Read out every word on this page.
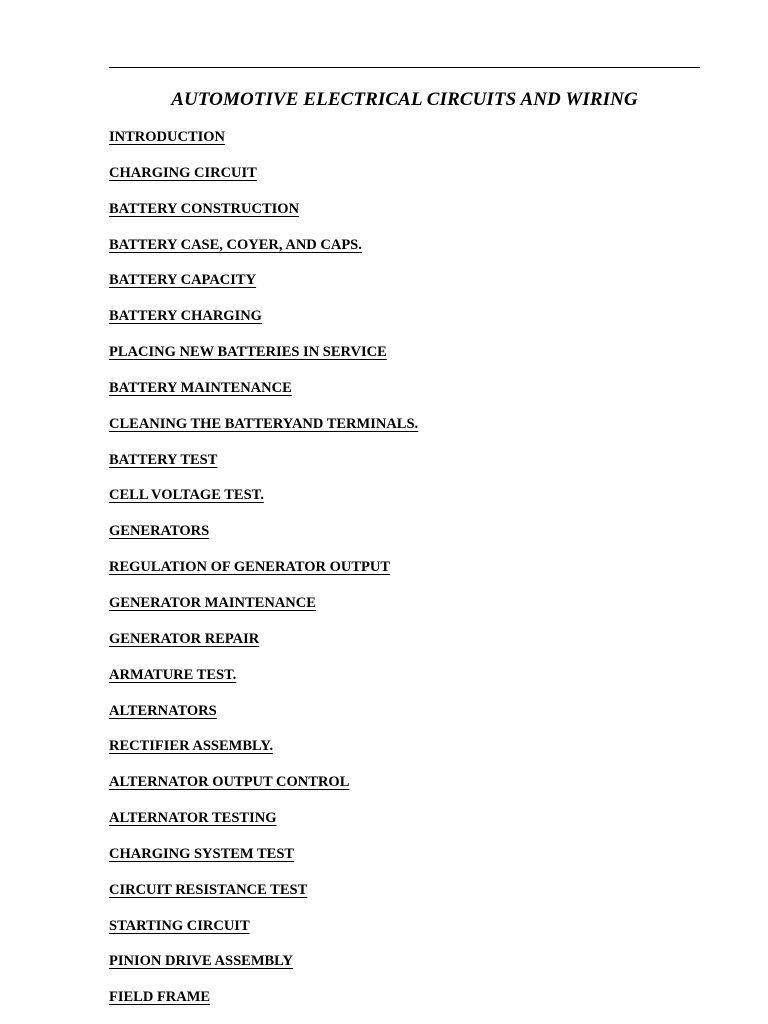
AUTOMOTIVE ELECTRICAL CIRCUITS AND WIRING
INTRODUCTION
CHARGING CIRCUIT
BATTERY CONSTRUCTION
BATTERY CASE, COYER, AND CAPS.
BATTERY CAPACITY
BATTERY CHARGING
PLACING NEW BATTERIES IN SERVICE
BATTERY MAINTENANCE
CLEANING THE BATTERYAND TERMINALS.
BATTERY TEST
CELL VOLTAGE TEST.
GENERATORS
REGULATION OF GENERATOR OUTPUT
GENERATOR MAINTENANCE
GENERATOR REPAIR
ARMATURE TEST.
ALTERNATORS
RECTIFIER ASSEMBLY.
ALTERNATOR OUTPUT CONTROL
ALTERNATOR TESTING
CHARGING SYSTEM TEST
CIRCUIT RESISTANCE TEST
STARTING CIRCUIT
PINION DRIVE ASSEMBLY
FIELD FRAME
